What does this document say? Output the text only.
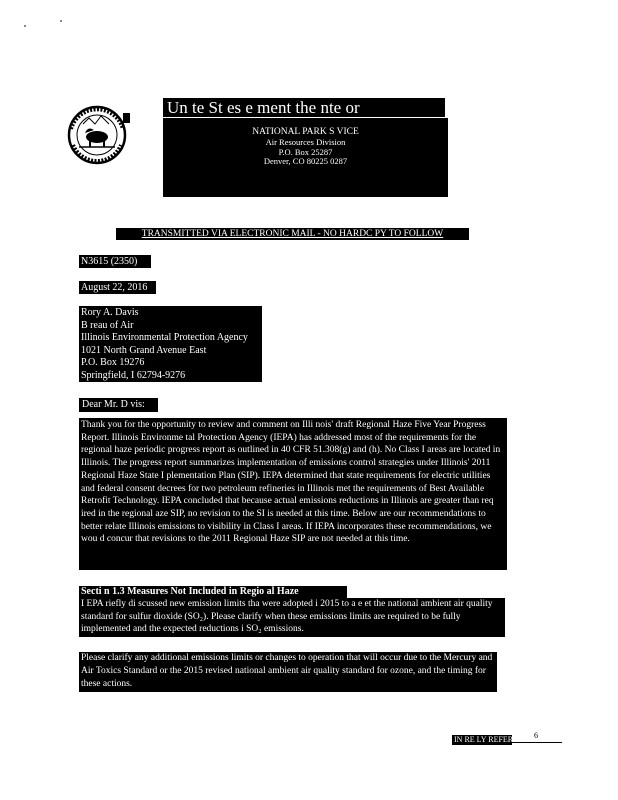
Un te St es e ment the nte or
NATIONAL PARK S VICE
Air Resources Division
P.O. Box 25287
Denver, CO 80225 0287
TRANSMITTED VIA ELECTRONIC MAIL - NO HARDC PY TO FOLLOW
N3615 (2350)
August 22, 2016
Rory A. Davis
B reau of Air
Illinois Environmental Protection Agency
1021 North Grand Avenue East
P.O. Box 19276
Springfield, I 62794-9276
Dear Mr. D vis:
Thank you for the opportunity to review and comment on Illi nois' draft Regional Haze Five Year Progress Report. Illinois Environme tal Protection Agency (IEPA) has addressed most of the requirements for the regional haze periodic progress report as outlined in 40 CFR 51.308(g) and (h). No Class I areas are located in Illinois. The progress report summarizes implementation of emissions control strategies under Illinois' 2011 Regional Haze State I plementation Plan (SIP). IEPA determined that state requirements for electric utilities and federal consent decrees for two petroleum refineries in Illinois met the requirements of Best Available Retrofit Technology. IEPA concluded that because actual emissions reductions in Illinois are greater than req ired in the regional aze SIP, no revision to the SI is needed at this time. Below are our recommendations to better relate Illinois emissions to visibility in Class I areas. If IEPA incorporates these recommendations, we wou d concur that revisions to the 2011 Regional Haze SIP are not needed at this time.
Secti n 1.3 Measures Not Included in Regio al Haze
I EPA riefly di scussed new emission limits tha were adopted i 2015 to a e et the national ambient air quality standard for sulfur dioxide (SO₂). Please clarify when these emissions limits are required to be fully implemented and the expected reductions i SO₂ emissions.
Please clarify any additional emissions limits or changes to operation that will occur due to the Mercury and Air Toxics Standard or the 2015 revised national ambient air quality standard for ozone, and the timing for these actions.
IN RE LY REFER TO: 6
